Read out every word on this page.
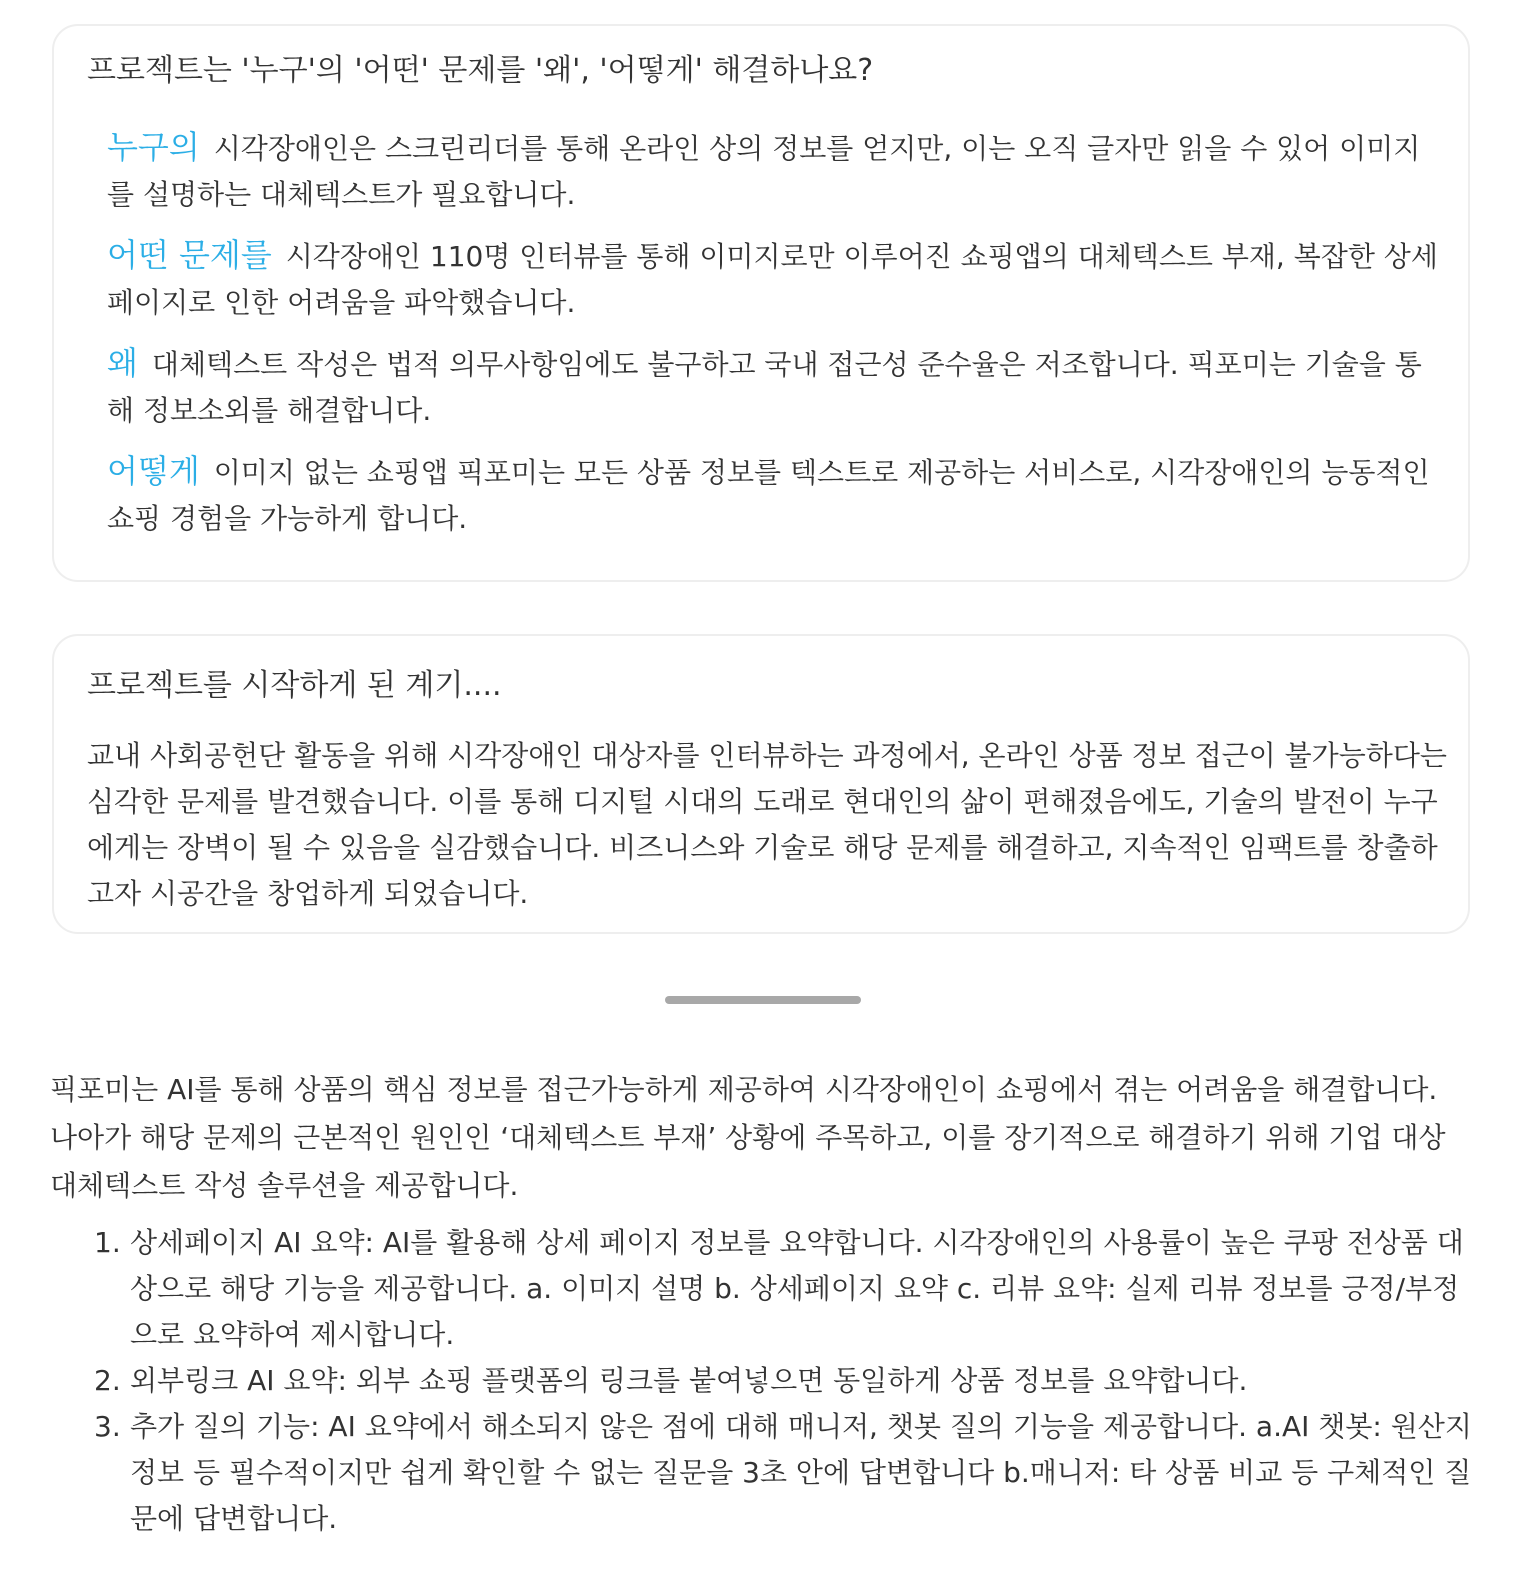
프로젝트는 '누구'의 '어떤' 문제를 '왜', '어떻게' 해결하나요?

누구의 시각장애인은 스크린리더를 통해 온라인 상의 정보를 얻지만, 이는 오직 글자만 읽을 수 있어 이미지를 설명하는 대체텍스트가 필요합니다.

어떤 문제를 시각장애인 110명 인터뷰를 통해 이미지로만 이루어진 쇼핑앱의 대체텍스트 부재, 복잡한 상세페이지로 인한 어려움을 파악했습니다.

왜 대체텍스트 작성은 법적 의무사항임에도 불구하고 국내 접근성 준수율은 저조합니다. 픽포미는 기술을 통해 정보소외를 해결합니다.

어떻게 이미지 없는 쇼핑앱 픽포미는 모든 상품 정보를 텍스트로 제공하는 서비스로, 시각장애인의 능동적인 쇼핑 경험을 가능하게 합니다.

프로젝트를 시작하게 된 계기....

교내 사회공헌단 활동을 위해 시각장애인 대상자를 인터뷰하는 과정에서, 온라인 상품 정보 접근이 불가능하다는 심각한 문제를 발견했습니다. 이를 통해 디지털 시대의 도래로 현대인의 삶이 편해졌음에도, 기술의 발전이 누구에게는 장벽이 될 수 있음을 실감했습니다. 비즈니스와 기술로 해당 문제를 해결하고, 지속적인 임팩트를 창출하고자 시공간을 창업하게 되었습니다.

픽포미는 AI를 통해 상품의 핵심 정보를 접근가능하게 제공하여 시각장애인이 쇼핑에서 겪는 어려움을 해결합니다. 나아가 해당 문제의 근본적인 원인인 ‘대체텍스트 부재’ 상황에 주목하고, 이를 장기적으로 해결하기 위해 기업 대상 대체텍스트 작성 솔루션을 제공합니다.

1. 상세페이지 AI 요약: AI를 활용해 상세 페이지 정보를 요약합니다. 시각장애인의 사용률이 높은 쿠팡 전상품 대상으로 해당 기능을 제공합니다. a. 이미지 설명 b. 상세페이지 요약 c. 리뷰 요약: 실제 리뷰 정보를 긍정/부정으로 요약하여 제시합니다.
2. 외부링크 AI 요약: 외부 쇼핑 플랫폼의 링크를 붙여넣으면 동일하게 상품 정보를 요약합니다.
3. 추가 질의 기능: AI 요약에서 해소되지 않은 점에 대해 매니저, 챗봇 질의 기능을 제공합니다. a.AI 챗봇: 원산지 정보 등 필수적이지만 쉽게 확인할 수 없는 질문을 3초 안에 답변합니다 b.매니저: 타 상품 비교 등 구체적인 질문에 답변합니다.
